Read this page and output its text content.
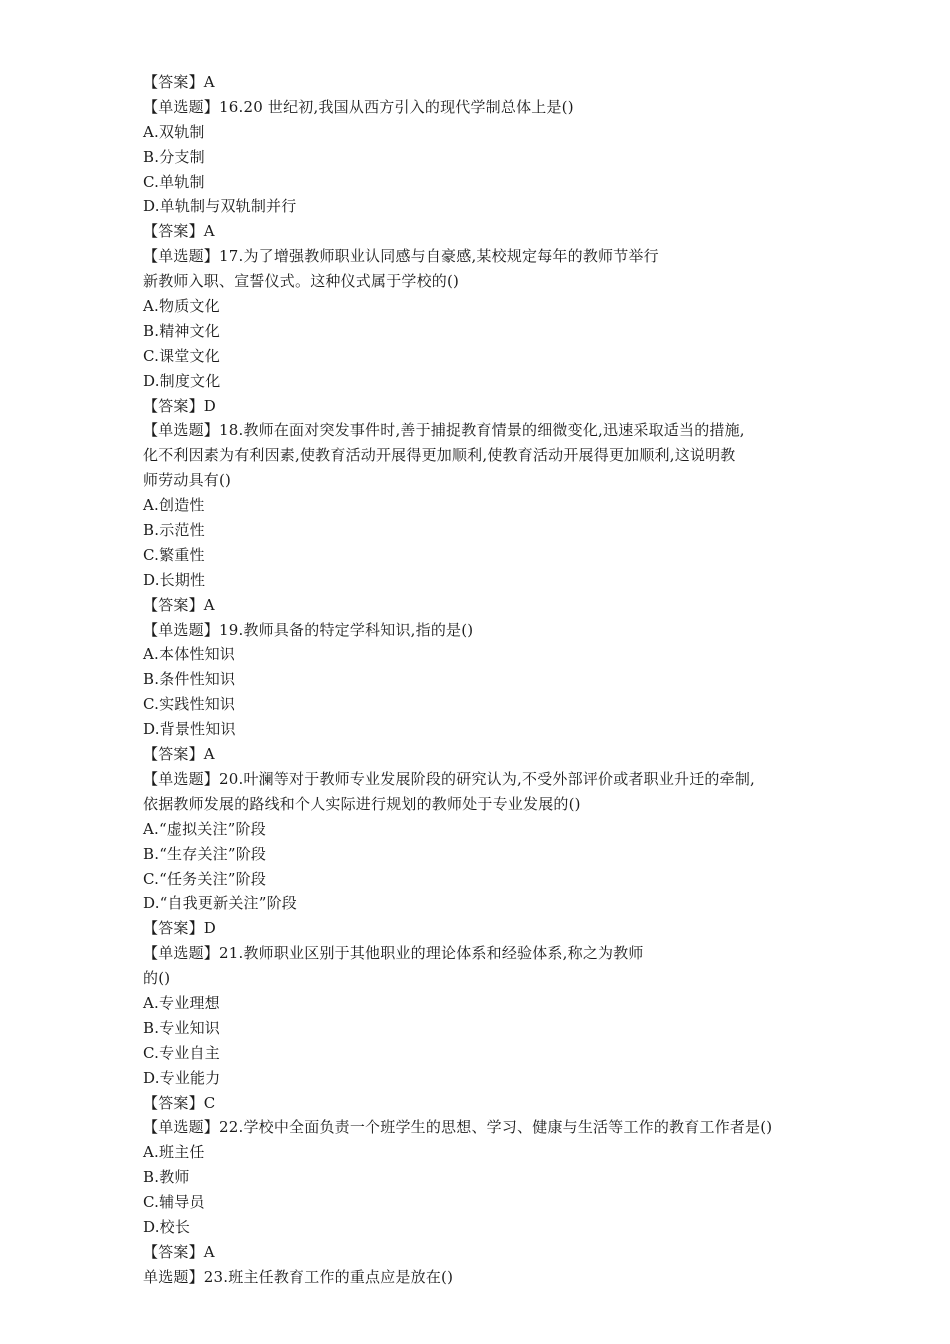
【答案】A
【单选题】16.20 世纪初,我国从西方引入的现代学制总体上是()
A.双轨制
B.分支制
C.单轨制
D.单轨制与双轨制并行
【答案】A
【单选题】17.为了增强教师职业认同感与自豪感,某校规定每年的教师节举行
新教师入职、宣誓仪式。这种仪式属于学校的()
A.物质文化
B.精神文化
C.课堂文化
D.制度文化
【答案】D
【单选题】18.教师在面对突发事件时,善于捕捉教育情景的细微变化,迅速采取适当的措施,
化不利因素为有利因素,使教育活动开展得更加顺利,使教育活动开展得更加顺利,这说明教
师劳动具有()
A.创造性
B.示范性
C.繁重性
D.长期性
【答案】A
【单选题】19.教师具备的特定学科知识,指的是()
A.本体性知识
B.条件性知识
C.实践性知识
D.背景性知识
【答案】A
【单选题】20.叶澜等对于教师专业发展阶段的研究认为,不受外部评价或者职业升迁的牵制,
依据教师发展的路线和个人实际进行规划的教师处于专业发展的()
A.“虚拟关注”阶段
B.“生存关注”阶段
C.“任务关注”阶段
D.“自我更新关注”阶段
【答案】D
【单选题】21.教师职业区别于其他职业的理论体系和经验体系,称之为教师
的()
A.专业理想
B.专业知识
C.专业自主
D.专业能力
【答案】C
【单选题】22.学校中全面负责一个班学生的思想、学习、健康与生活等工作的教育工作者是()
A.班主任
B.教师
C.辅导员
D.校长
【答案】A
单选题】23.班主任教育工作的重点应是放在()
